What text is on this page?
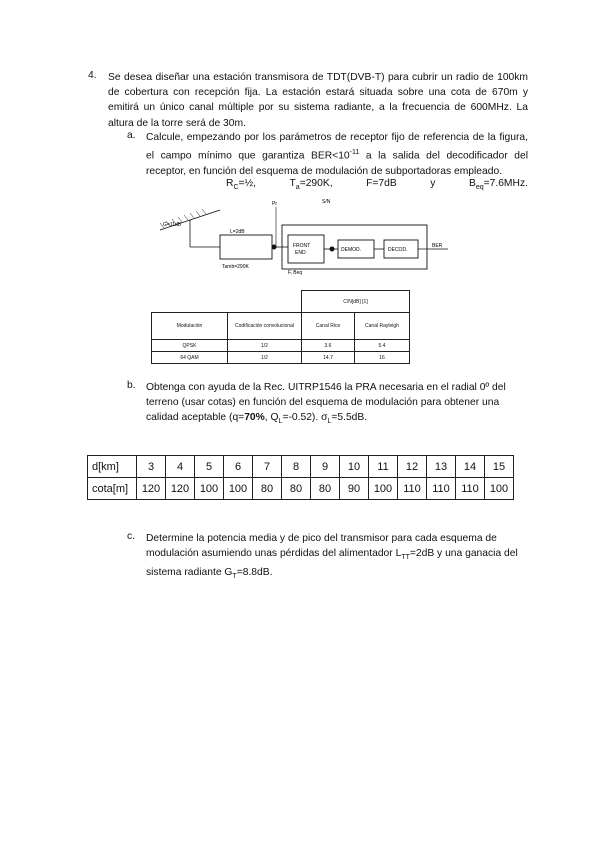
4. Se desea diseñar una estación transmisora de TDT(DVB-T) para cubrir un radio de 100km de cobertura con recepción fija. La estación estará situada sobre una cota de 670m y emitirá un único canal múltiple por su sistema radiante, a la frecuencia de 600MHz. La altura de la torre será de 30m.

a. Calcule, empezando por los parámetros de receptor fijo de referencia de la figura, el campo mínimo que garantiza $BER<10^{-11}$ a la salida del decodificador del receptor, en función del esquema de modulación de subportadoras empleado.

$R_C=\frac{1}{2}$,	$T_a=290K$,	F=7dB	y	$B_{eq}=7.6MHz$.
G=11dB
L=2dB
Tamb=290K
Pr	S/N
FRONT
END
F, Beq
DEMOD.	DECOD.
BER
		C/N[dB] [1]	
Modulación	Codificación convolucional	Canal Rice	Canal Rayleigh
QPSK	1/2	3.6	5.4
64 QAM	1/2	14.7	16
b. Obtenga con ayuda de la Rec. UITRP1546 la PRA necesaria en el radial 0º del terreno (usar cotas) en función del esquema de modulación para obtener una calidad aceptable (q=70%, $Q_L=-0.52$). $\sigma_L=5.5dB$.

d[km]	3	4	5	6	7	8	9	10	11	12	13	14	15
cota[m]	120	120	100	100	80	80	80	90	100	110	110	110	100
c. Determine la potencia media y de pico del transmisor para cada esquema de modulación asumiendo unas pérdidas del alimentador $L_{TT}=2dB$ y una ganacia del sistema radiante $G_T=8.8dB$.
